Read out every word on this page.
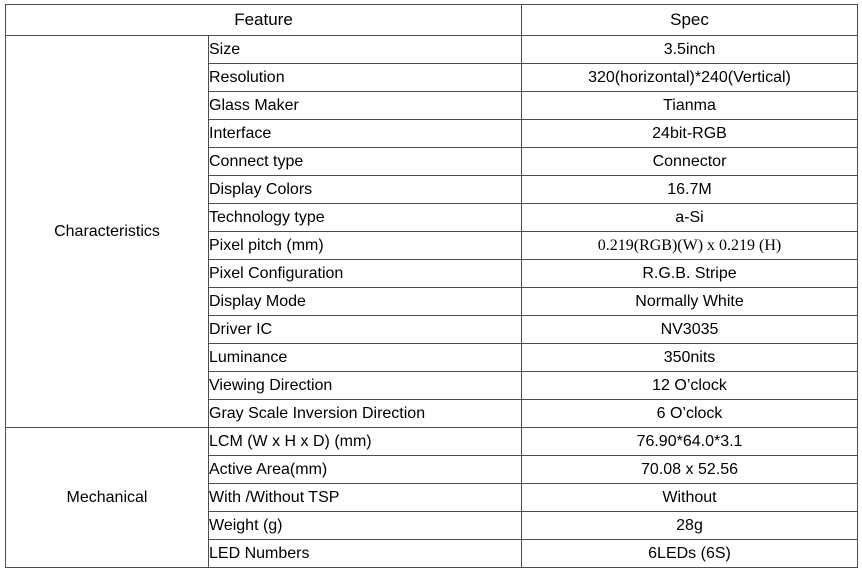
Feature		Spec
Characteristics	Size	3.5inch
	Resolution	320(horizontal)*240(Vertical)
	Glass Maker	Tianma
	Interface	24bit-RGB
	Connect type	Connector
	Display Colors	16.7M
	Technology type	a-Si
	Pixel pitch (mm)	0.219(RGB)(W) x 0.219 (H)
	Pixel Configuration	R.G.B. Stripe
	Display Mode	Normally White
	Driver IC	NV3035
	Luminance	350nits
	Viewing Direction	12 O’clock
	Gray Scale Inversion Direction	6 O’clock
Mechanical	LCM (W x H x D) (mm)	76.90*64.0*3.1
	Active Area(mm)	70.08 x 52.56
	With /Without TSP	Without
	Weight (g)	28g
	LED Numbers	6LEDs (6S)
